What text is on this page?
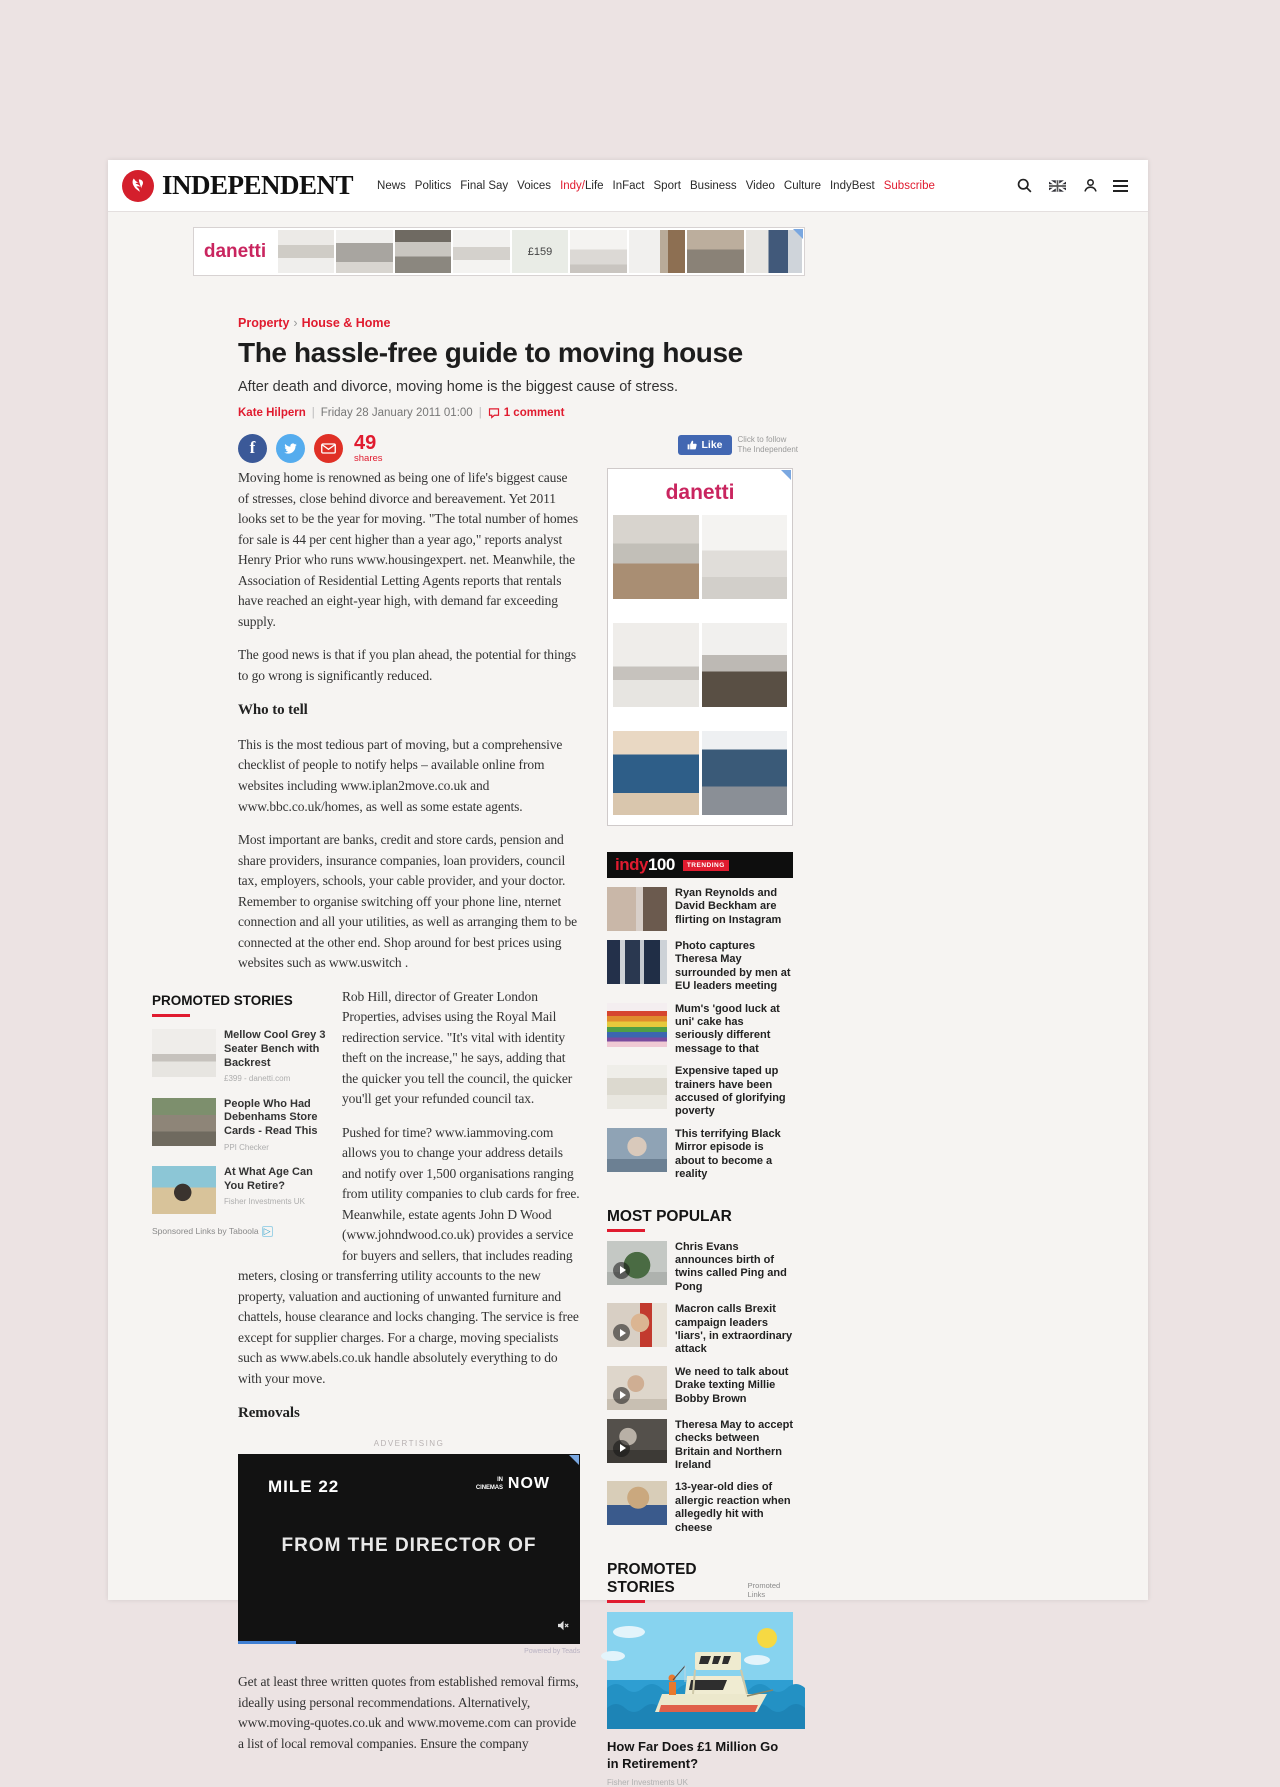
INDEPENDENT News Politics Final Say Voices Indy/Life InFact Sport Business Video Culture IndyBest Subscribe
danetti	£159
Property › House & Home
The hassle-free guide to moving house
After death and divorce, moving home is the biggest cause of stress.
Kate Hilpern | Friday 28 January 2011 01:00 | 1 comment
f	49
shares
Like Click to follow
The Independent

Moving home is renowned as being one of life's biggest cause of stresses, close behind divorce and bereavement. Yet 2011 looks set to be the year for moving. "The total number of homes for sale is 44 per cent higher than a year ago," reports analyst Henry Prior who runs www.housingexpert. net. Meanwhile, the Association of Residential Letting Agents reports that rentals have reached an eight-year high, with demand far exceeding supply.

The good news is that if you plan ahead, the potential for things to go wrong is significantly reduced.

Who to tell

This is the most tedious part of moving, but a comprehensive checklist of people to notify helps – available online from websites including www.iplan2move.co.uk and www.bbc.co.uk/homes, as well as some estate agents.

Most important are banks, credit and store cards, pension and share providers, insurance companies, loan providers, council tax, employers, schools, your cable provider, and your doctor. Remember to organise switching off your phone line, nternet connection and all your utilities, as well as arranging them to be connected at the other end. Shop around for best prices using websites such as www.uswitch .

PROMOTED STORIES
Mellow Cool Grey 3 Seater Bench with Backrest
£399 - danetti.com
People Who Had Debenhams Store Cards - Read This
PPI Checker
At What Age Can You Retire?
Fisher Investments UK
Sponsored Links by Taboola ▷

Rob Hill, director of Greater London Properties, advises using the Royal Mail redirection service. "It's vital with identity theft on the increase," he says, adding that the quicker you tell the council, the quicker you'll get your refunded council tax.

Pushed for time? www.iammoving.com allows you to change your address details and notify over 1,500 organisations ranging from utility companies to club cards for free. Meanwhile, estate agents John D Wood (www.johndwood.co.uk) provides a service for buyers and sellers, that includes reading meters, closing or transferring utility accounts to the new property, valuation and auctioning of unwanted furniture and chattels, house clearance and locks changing. The service is free except for supplier charges. For a charge, moving specialists such as www.abels.co.uk handle absolutely everything to do with your move.

Removals
ADVERTISING
MILE 22	IN
CINEMAS NOW
FROM THE DIRECTOR OF
Powered by Teads

Get at least three written quotes from established removal firms, ideally using personal recommendations. Alternatively, www.moving-quotes.co.uk and www.moveme.com can provide a list of local removal companies. Ensure the company

danetti
indy100	TRENDING
Ryan Reynolds and David Beckham are flirting on Instagram
Photo captures Theresa May surrounded by men at EU leaders meeting
Mum's 'good luck at uni' cake has seriously different message to that
Expensive taped up trainers have been accused of glorifying poverty
This terrifying Black Mirror episode is about to become a reality
MOST POPULAR
Chris Evans announces birth of twins called Ping and Pong
Macron calls Brexit campaign leaders 'liars', in extraordinary attack
We need to talk about Drake texting Millie Bobby Brown
Theresa May to accept checks between Britain and Northern Ireland
13-year-old dies of allergic reaction when allegedly hit with cheese
PROMOTED STORIES	Promoted Links
How Far Does £1 Million Go in Retirement?
Fisher Investments UK
